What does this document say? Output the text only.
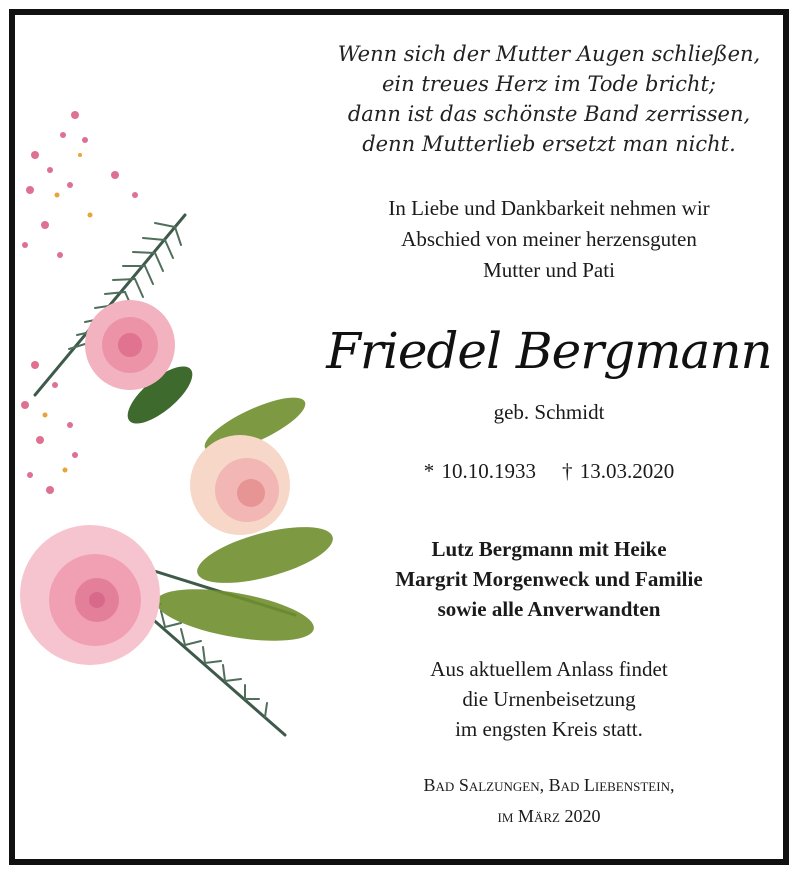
Wenn sich der Mutter Augen schließen,
ein treues Herz im Tode bricht;
dann ist das schönste Band zerrissen,
denn Mutterlieb ersetzt man nicht.
In Liebe und Dankbarkeit nehmen wir
Abschied von meiner herzensguten
Mutter und Pati
Friedel Bergmann
geb. Schmidt
* 10.10.1933 † 13.03.2020
Lutz Bergmann mit Heike
Margrit Morgenweck und Familie
sowie alle Anverwandten
Aus aktuellem Anlass findet
die Urnenbeisetzung
im engsten Kreis statt.
Bad Salzungen, Bad Liebenstein,
im März 2020
